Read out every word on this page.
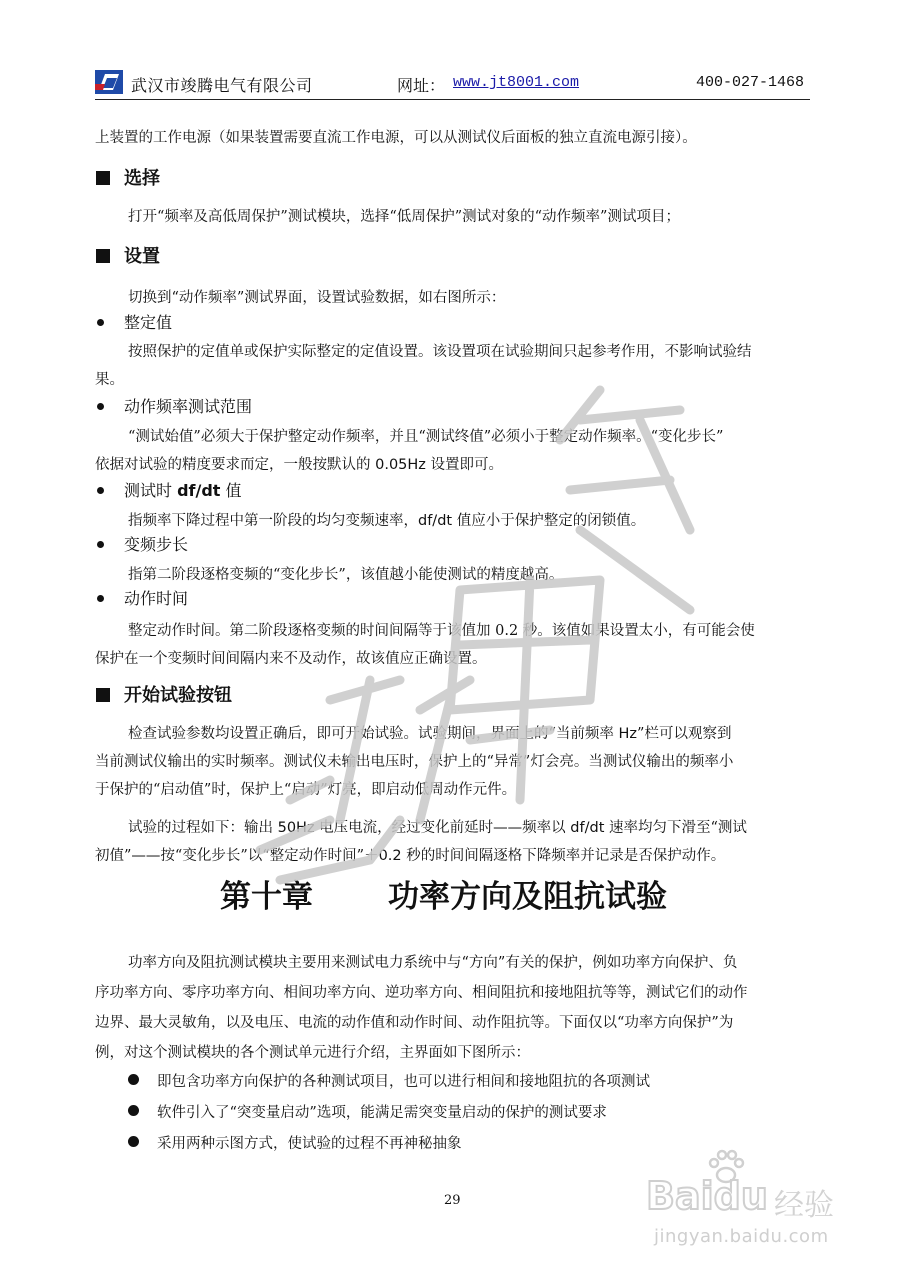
武汉市竣腾电气有限公司	网址： www.jt8001.com	400-027-1468
上装置的工作电源（如果装置需要直流工作电源，可以从测试仪后面板的独立直流电源引接）。
选择
打开“频率及高低周保护”测试模块，选择“低周保护”测试对象的“动作频率”测试项目；
设置
切换到“动作频率”测试界面，设置试验数据，如右图所示：
整定值
按照保护的定值单或保护实际整定的定值设置。该设置项在试验期间只起参考作用，不影响试验结
果。
动作频率测试范围
“测试始值”必须大于保护整定动作频率，并且“测试终值”必须小于整定动作频率。“变化步长”
依据对试验的精度要求而定，一般按默认的 0.05Hz 设置即可。
测试时 df/dt 值
指频率下降过程中第一阶段的均匀变频速率，df/dt 值应小于保护整定的闭锁值。
变频步长
指第二阶段逐格变频的“变化步长”，该值越小能使测试的精度越高。
动作时间
整定动作时间。第二阶段逐格变频的时间间隔等于该值加 0.2 秒。该值如果设置太小，有可能会使
保护在一个变频时间间隔内来不及动作，故该值应正确设置。
开始试验按钮
检查试验参数均设置正确后，即可开始试验。试验期间，界面上的“当前频率 Hz”栏可以观察到
当前测试仪输出的实时频率。测试仪未输出电压时，保护上的“异常”灯会亮。当测试仪输出的频率小
于保护的“启动值”时，保护上“启动”灯亮，即启动低周动作元件。
试验的过程如下：输出 50Hz 电压电流，经过变化前延时——频率以 df/dt 速率均匀下滑至“测试
初值”——按“变化步长”以“整定动作时间”＋0.2 秒的时间间隔逐格下降频率并记录是否保护动作。
第十章 功率方向及阻抗试验
功率方向及阻抗测试模块主要用来测试电力系统中与“方向”有关的保护，例如功率方向保护、负
序功率方向、零序功率方向、相间功率方向、逆功率方向、相间阻抗和接地阻抗等等，测试它们的动作
边界、最大灵敏角，以及电压、电流的动作值和动作时间、动作阻抗等。下面仅以“功率方向保护”为
例，对这个测试模块的各个测试单元进行介绍，主界面如下图所示：
即包含功率方向保护的各种测试项目，也可以进行相间和接地阻抗的各项测试
软件引入了“突变量启动”选项，能满足需突变量启动的保护的测试要求
采用两种示图方式，使试验的过程不再神秘抽象
29	Baidu 经验
jingyan.baidu.com
